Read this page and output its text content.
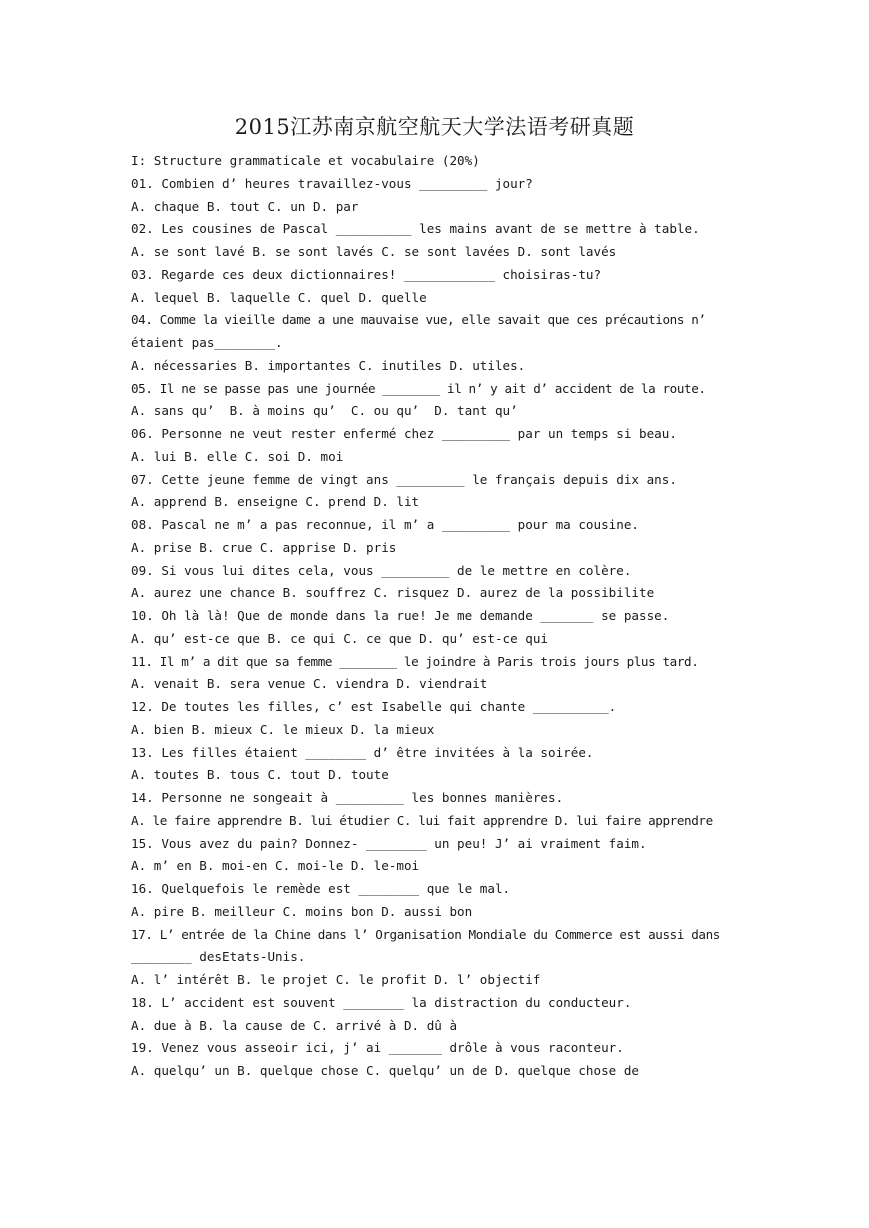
2015江苏南京航空航天大学法语考研真题
I: Structure grammaticale et vocabulaire (20%)
01. Combien d’ heures travaillez-vous _________ jour?
A. chaque B. tout C. un D. par
02. Les cousines de Pascal __________ les mains avant de se mettre à table.
A. se sont lavé B. se sont lavés C. se sont lavées D. sont lavés
03. Regarde ces deux dictionnaires! ____________ choisiras-tu?
A. lequel B. laquelle C. quel D. quelle
04. Comme la vieille dame a une mauvaise vue, elle savait que ces précautions n’
étaient pas________.
A. nécessaries B. importantes C. inutiles D. utiles.
05. Il ne se passe pas une journée ________ il n’ y ait d’ accident de la route.
A. sans qu’  B. à moins qu’  C. ou qu’  D. tant qu’
06. Personne ne veut rester enfermé chez _________ par un temps si beau.
A. lui B. elle C. soi D. moi
07. Cette jeune femme de vingt ans _________ le français depuis dix ans.
A. apprend B. enseigne C. prend D. lit
08. Pascal ne m’ a pas reconnue, il m’ a _________ pour ma cousine.
A. prise B. crue C. apprise D. pris
09. Si vous lui dites cela, vous _________ de le mettre en colère.
A. aurez une chance B. souffrez C. risquez D. aurez de la possibilite
10. Oh là là! Que de monde dans la rue! Je me demande _______ se passe.
A. qu’ est-ce que B. ce qui C. ce que D. qu’ est-ce qui
11. Il m’ a dit que sa femme ________ le joindre à Paris trois jours plus tard.
A. venait B. sera venue C. viendra D. viendrait
12. De toutes les filles, c’ est Isabelle qui chante __________.
A. bien B. mieux C. le mieux D. la mieux
13. Les filles étaient ________ d’ être invitées à la soirée.
A. toutes B. tous C. tout D. toute
14. Personne ne songeait à _________ les bonnes manières.
A. le faire apprendre B. lui étudier C. lui fait apprendre D. lui faire apprendre
15. Vous avez du pain? Donnez- ________ un peu! J’ ai vraiment faim.
A. m’ en B. moi-en C. moi-le D. le-moi
16. Quelquefois le remède est ________ que le mal.
A. pire B. meilleur C. moins bon D. aussi bon
17. L’ entrée de la Chine dans l’ Organisation Mondiale du Commerce est aussi dans
________ desEtats-Unis.
A. l’ intérêt B. le projet C. le profit D. l’ objectif
18. L’ accident est souvent ________ la distraction du conducteur.
A. due à B. la cause de C. arrivé à D. dû à
19. Venez vous asseoir ici, j’ ai _______ drôle à vous raconteur.
A. quelqu’ un B. quelque chose C. quelqu’ un de D. quelque chose de
